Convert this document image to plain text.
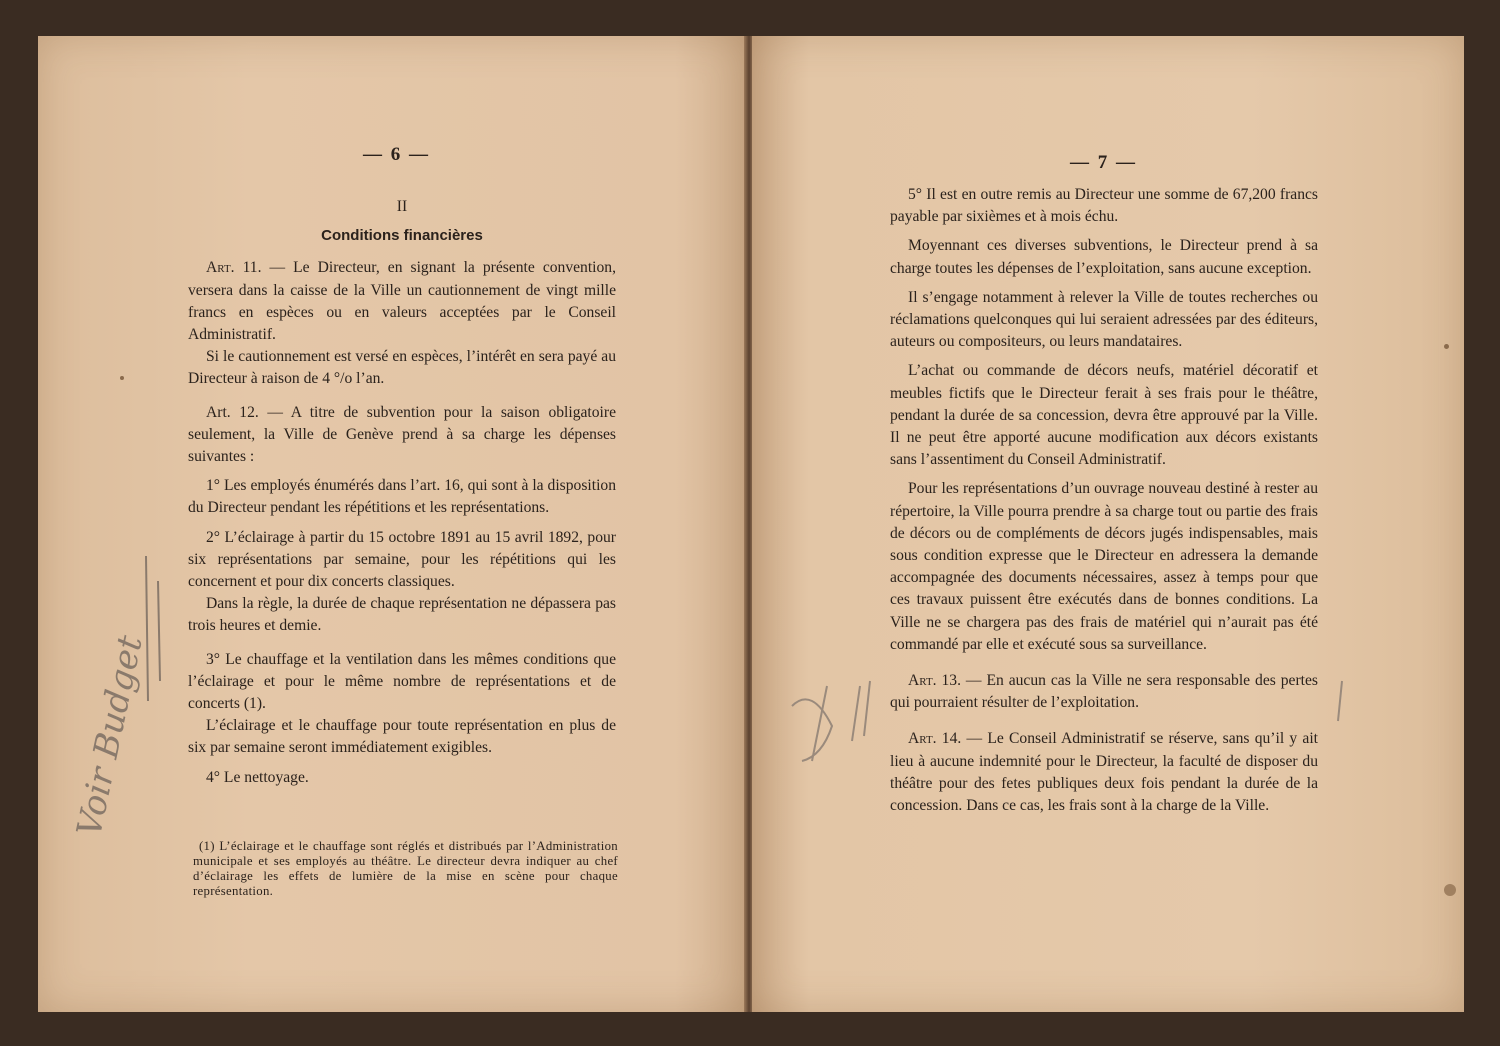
— 6 —

II

Conditions financières

Art. 11. — Le Directeur, en signant la présente convention, versera dans la caisse de la Ville un cautionnement de vingt mille francs en espèces ou en valeurs acceptées par le Conseil Administratif.

Si le cautionnement est versé en espèces, l’intérêt en sera payé au Directeur à raison de 4 °/o l’an.

Art. 12. — A titre de subvention pour la saison obligatoire seulement, la Ville de Genève prend à sa charge les dépenses suivantes :

1° Les employés énumérés dans l’art. 16, qui sont à la disposition du Directeur pendant les répétitions et les représentations.

2° L’éclairage à partir du 15 octobre 1891 au 15 avril 1892, pour six représentations par semaine, pour les répétitions qui les concernent et pour dix concerts classiques.

Dans la règle, la durée de chaque représentation ne dépassera pas trois heures et demie.

3° Le chauffage et la ventilation dans les mêmes conditions que l’éclairage et pour le même nombre de représentations et de concerts (1).

L’éclairage et le chauffage pour toute représentation en plus de six par semaine seront immédiatement exigibles.

4° Le nettoyage.

(1) L’éclairage et le chauffage sont réglés et distribués par l’Administration municipale et ses employés au théâtre. Le directeur devra indiquer au chef d’éclairage les effets de lumière de la mise en scène pour chaque représentation.

Voir Budget
— 7 —

5° Il est en outre remis au Directeur une somme de 67,200 francs payable par sixièmes et à mois échu.

Moyennant ces diverses subventions, le Directeur prend à sa charge toutes les dépenses de l’exploitation, sans aucune exception.

Il s’engage notamment à relever la Ville de toutes recherches ou réclamations quelconques qui lui seraient adressées par des éditeurs, auteurs ou compositeurs, ou leurs mandataires.

L’achat ou commande de décors neufs, matériel décoratif et meubles fictifs que le Directeur ferait à ses frais pour le théâtre, pendant la durée de sa concession, devra être approuvé par la Ville. Il ne peut être apporté aucune modification aux décors existants sans l’assentiment du Conseil Administratif.

Pour les représentations d’un ouvrage nouveau destiné à rester au répertoire, la Ville pourra prendre à sa charge tout ou partie des frais de décors ou de compléments de décors jugés indispensables, mais sous condition expresse que le Directeur en adressera la demande accompagnée des documents nécessaires, assez à temps pour que ces travaux puissent être exécutés dans de bonnes conditions. La Ville ne se chargera pas des frais de matériel qui n’aurait pas été commandé par elle et exécuté sous sa surveillance.

Art. 13. — En aucun cas la Ville ne sera responsable des pertes qui pourraient résulter de l’exploitation.

Art. 14. — Le Conseil Administratif se réserve, sans qu’il y ait lieu à aucune indemnité pour le Directeur, la faculté de disposer du théâtre pour des fetes publiques deux fois pendant la durée de la concession. Dans ce cas, les frais sont à la charge de la Ville.
